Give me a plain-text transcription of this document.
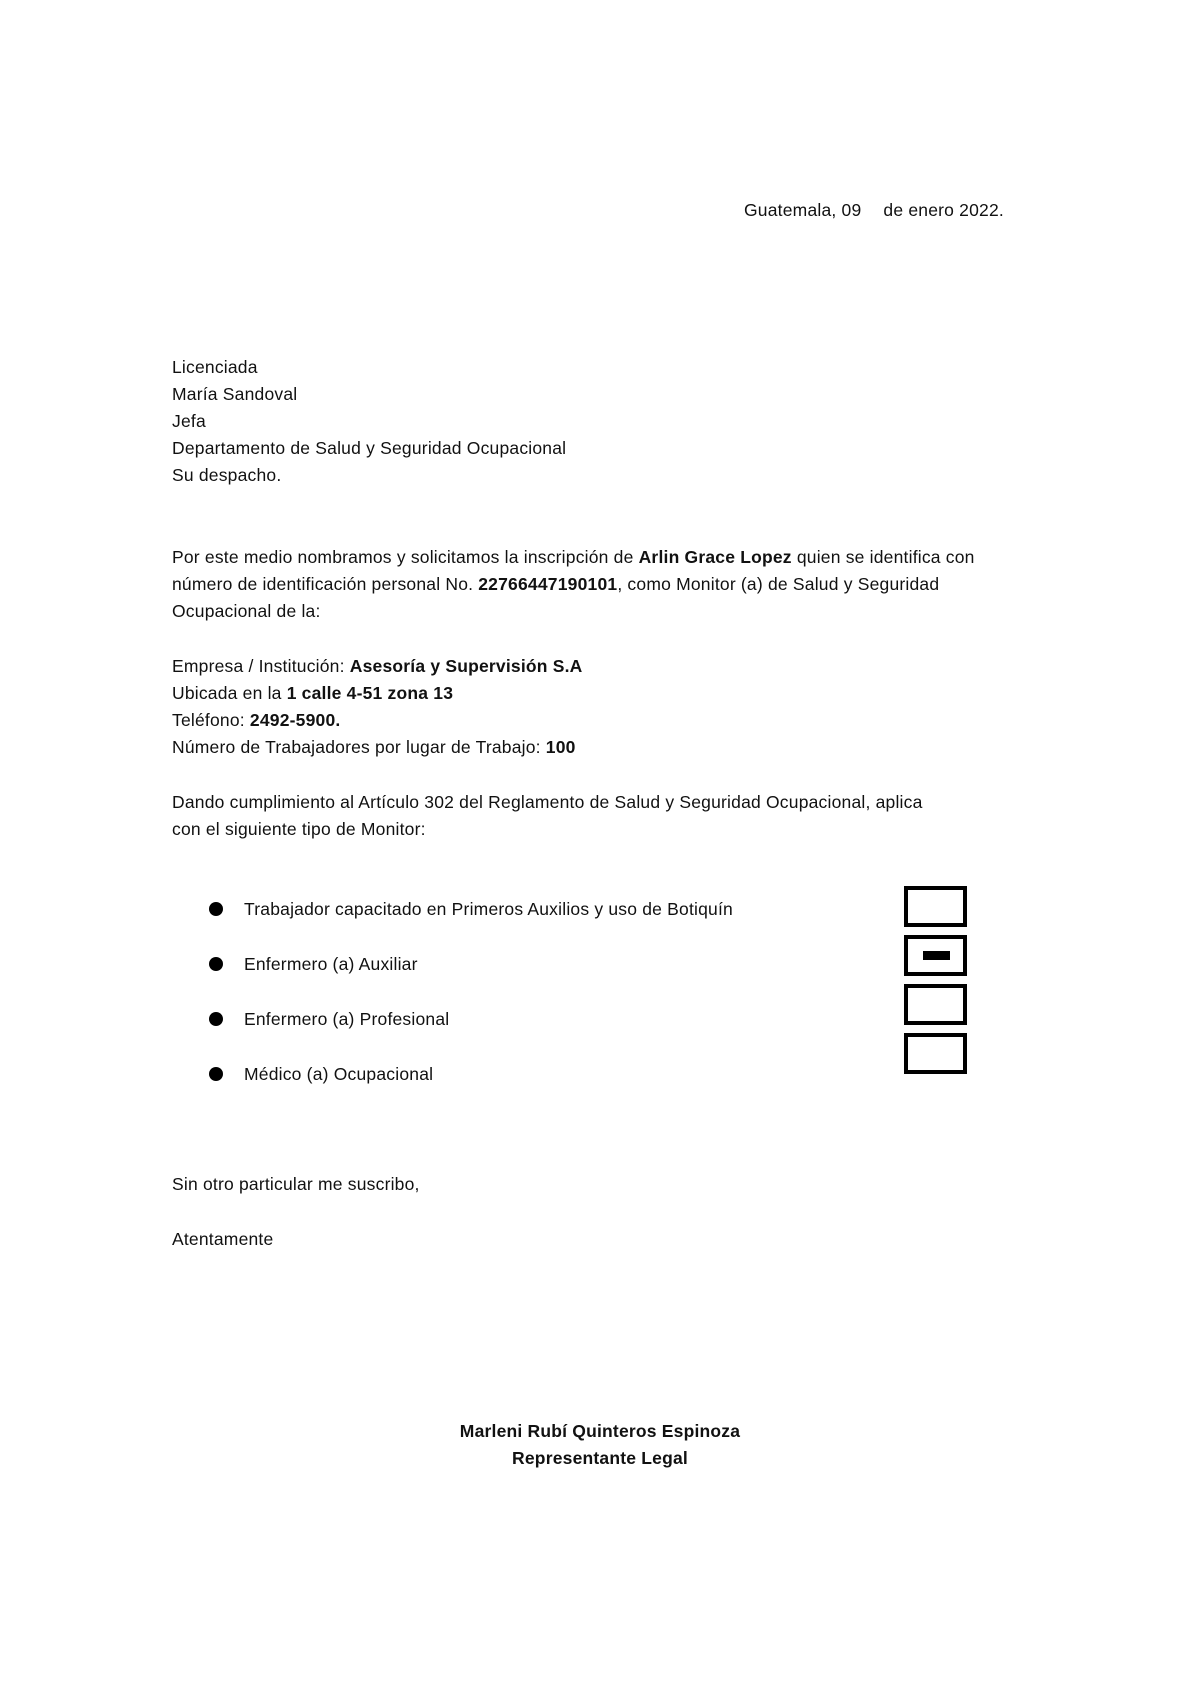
Guatemala, 09 de enero 2022.
Licenciada
María Sandoval
Jefa
Departamento de Salud y Seguridad Ocupacional
Su despacho.
Por este medio nombramos y solicitamos la inscripción de Arlin Grace Lopez quien se identifica con
número de identificación personal No. 22766447190101, como Monitor (a) de Salud y Seguridad
Ocupacional de la:
Empresa / Institución: Asesoría y Supervisión S.A
Ubicada en la 1 calle 4-51 zona 13
Teléfono: 2492-5900.
Número de Trabajadores por lugar de Trabajo: 100
Dando cumplimiento al Artículo 302 del Reglamento de Salud y Seguridad Ocupacional, aplica
con el siguiente tipo de Monitor:
Trabajador capacitado en Primeros Auxilios y uso de Botiquín
Enfermero (a) Auxiliar
Enfermero (a) Profesional
Médico (a) Ocupacional
Sin otro particular me suscribo,
Atentamente
Marleni Rubí Quinteros Espinoza
Representante Legal
